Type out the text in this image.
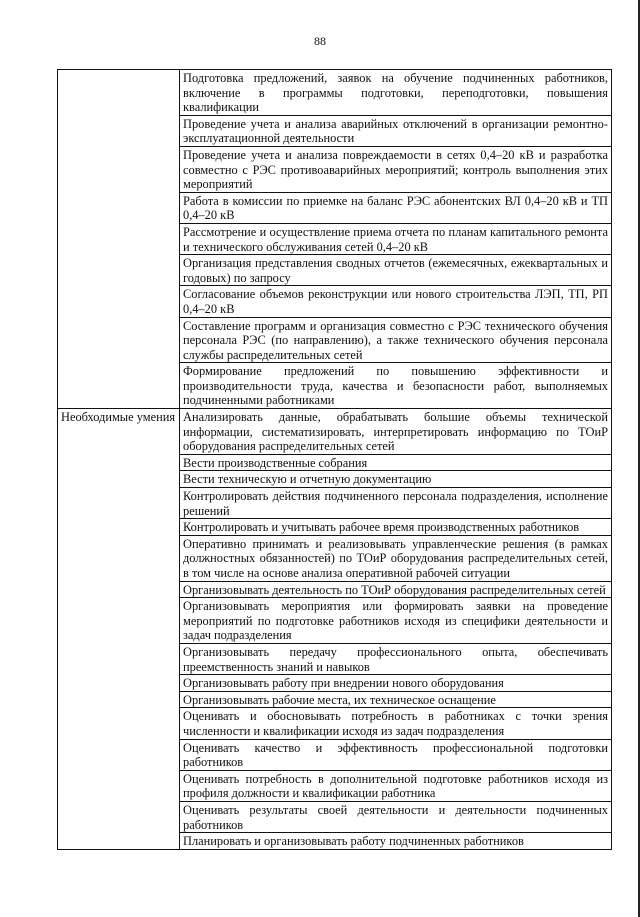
88
	Подготовка предложений, заявок на обучение подчиненных работников, включение в программы подготовки, переподготовки, повышения квалификации
	Проведение учета и анализа аварийных отключений в организации ремонтно-эксплуатационной деятельности
	Проведение учета и анализа повреждаемости в сетях 0,4–20 кВ и разработка совместно с РЭС противоаварийных мероприятий; контроль выполнения этих мероприятий
	Работа в комиссии по приемке на баланс РЭС абонентских ВЛ 0,4–20 кВ и ТП 0,4–20 кВ
	Рассмотрение и осуществление приема отчета по планам капитального ремонта и технического обслуживания сетей 0,4–20 кВ
	Организация представления сводных отчетов (ежемесячных, ежеквартальных и годовых) по запросу
	Согласование объемов реконструкции или нового строительства ЛЭП, ТП, РП 0,4–20 кВ
	Составление программ и организация совместно с РЭС технического обучения персонала РЭС (по направлению), а также технического обучения персонала службы распределительных сетей
	Формирование предложений по повышению эффективности и производительности труда, качества и безопасности работ, выполняемых подчиненными работниками
Необходимые умения	Анализировать данные, обрабатывать большие объемы технической информации, систематизировать, интерпретировать информацию по ТОиР оборудования распределительных сетей
	Вести производственные собрания
	Вести техническую и отчетную документацию
	Контролировать действия подчиненного персонала подразделения, исполнение решений
	Контролировать и учитывать рабочее время производственных работников
	Оперативно принимать и реализовывать управленческие решения (в рамках должностных обязанностей) по ТОиР оборудования распределительных сетей, в том числе на основе анализа оперативной рабочей ситуации
	Организовывать деятельность по ТОиР оборудования распределительных сетей
	Организовывать мероприятия или формировать заявки на проведение мероприятий по подготовке работников исходя из специфики деятельности и задач подразделения
	Организовывать передачу профессионального опыта, обеспечивать преемственность знаний и навыков
	Организовывать работу при внедрении нового оборудования
	Организовывать рабочие места, их техническое оснащение
	Оценивать и обосновывать потребность в работниках с точки зрения численности и квалификации исходя из задач подразделения
	Оценивать качество и эффективность профессиональной подготовки работников
	Оценивать потребность в дополнительной подготовке работников исходя из профиля должности и квалификации работника
	Оценивать результаты своей деятельности и деятельности подчиненных работников
	Планировать и организовывать работу подчиненных работников
